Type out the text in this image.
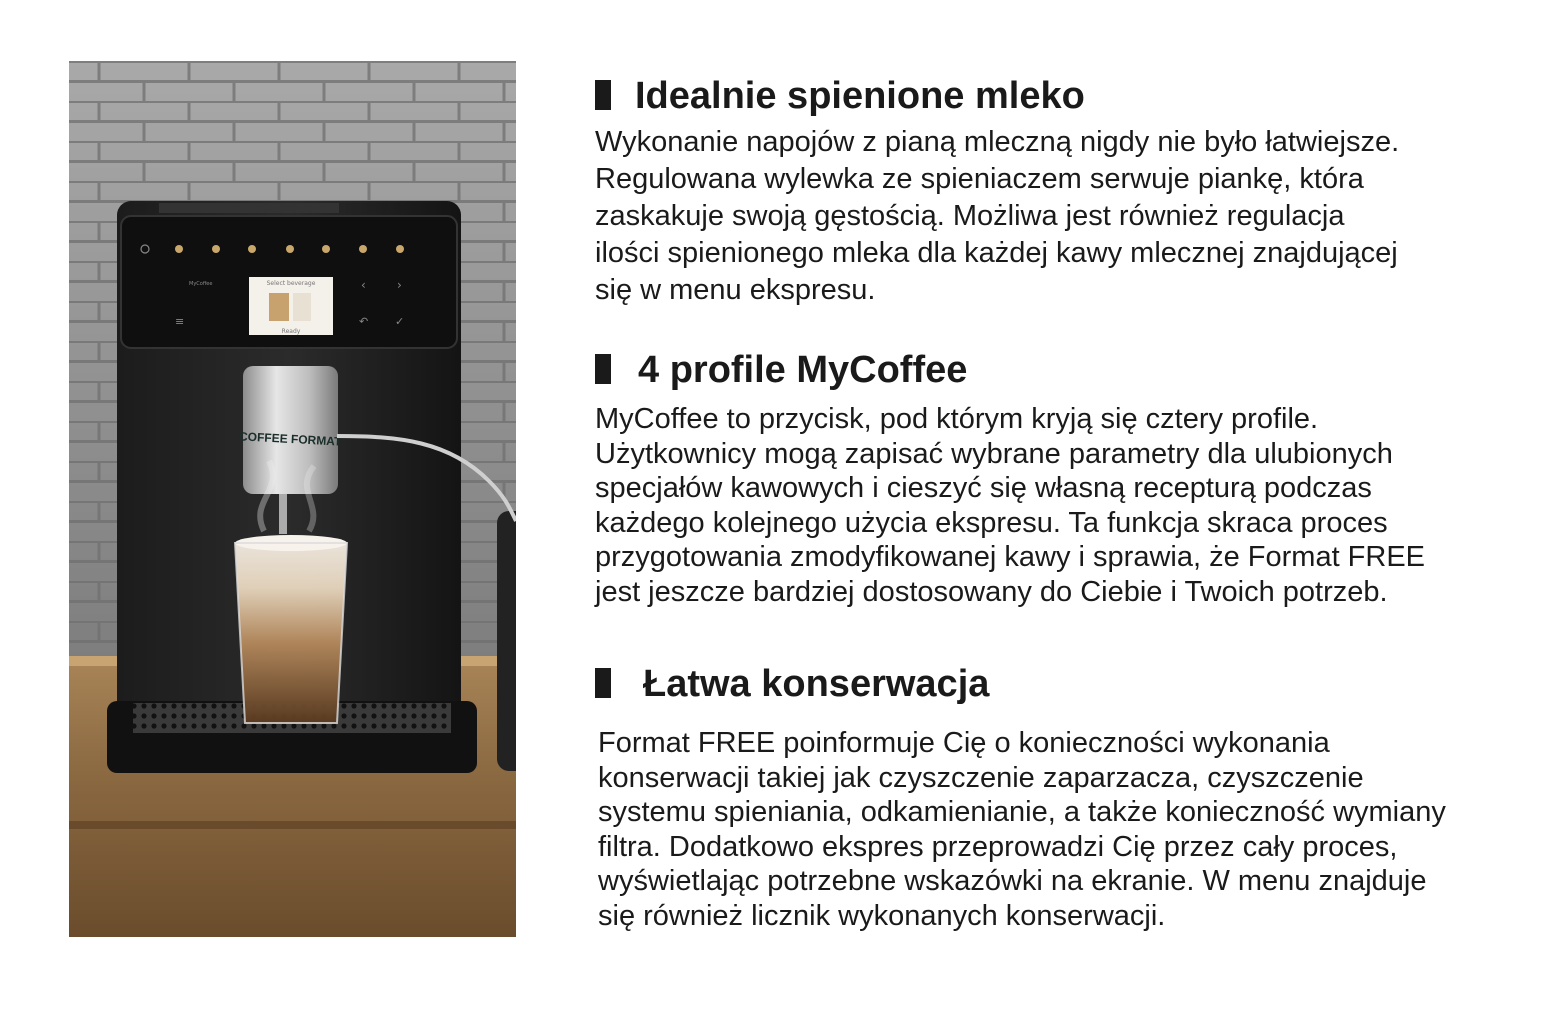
Select beverage
Ready
MyCoffee	‹	›
↶ ✓
≡
COFFEE FORMAT
Idealnie spienione mleko

Wykonanie napojów z pianą mleczną nigdy nie było łatwiejsze.
Regulowana wylewka ze spieniaczem serwuje piankę, która
zaskakuje swoją gęstością. Możliwa jest również regulacja
ilości spienionego mleka dla każdej kawy mlecznej znajdującej
się w menu ekspresu.

4 profile MyCoffee

MyCoffee to przycisk, pod którym kryją się cztery profile.
Użytkownicy mogą zapisać wybrane parametry dla ulubionych
specjałów kawowych i cieszyć się własną recepturą podczas
każdego kolejnego użycia ekspresu. Ta funkcja skraca proces
przygotowania zmodyfikowanej kawy i sprawia, że Format FREE
jest jeszcze bardziej dostosowany do Ciebie i Twoich potrzeb.

Łatwa konserwacja

Format FREE poinformuje Cię o konieczności wykonania
konserwacji takiej jak czyszczenie zaparzacza, czyszczenie
systemu spieniania, odkamienianie, a także konieczność wymiany
filtra. Dodatkowo ekspres przeprowadzi Cię przez cały proces,
wyświetlając potrzebne wskazówki na ekranie. W menu znajduje
się również licznik wykonanych konserwacji.
